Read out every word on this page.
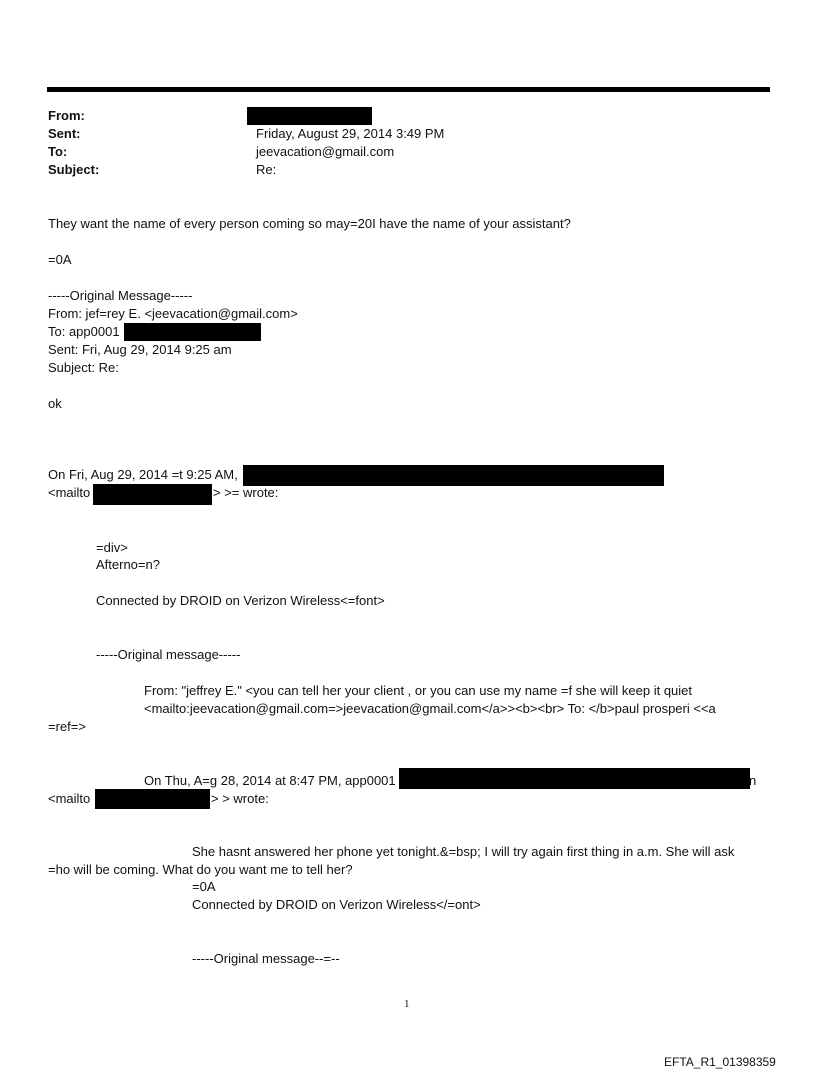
From:
Sent:	Friday, August 29, 2014 3:49 PM
To:	jeevacation@gmail.com
Subject:	Re:
They want the name of every person coming so may=20I have the name of your assistant?
=0A
-----Original Message-----
From: jef=rey E. <jeevacation@gmail.com>
To: app0001
Sent: Fri, Aug 29, 2014 9:25 am
Subject: Re:
ok
On Fri, Aug 29, 2014 =t 9:25 AM,
<mailto	> >= wrote:
=div>
Afterno=n?
Connected by DROID on Verizon Wireless<=font>
-----Original message-----
From: "jeffrey E." <you can tell her your client , or you can use my name =f she will keep it quiet
<mailto:jeevacation@gmail.com=>jeevacation@gmail.com</a>><b><br> To: </b>paul prosperi <<a
=ref=>
On Thu, A=g 28, 2014 at 8:47 PM, app0001	n
<mailto	> > wrote:
She hasnt answered her phone yet tonight.&=bsp; I will try again first thing in a.m. She will ask
=ho will be coming. What do you want me to tell her?
=0A
Connected by DROID on Verizon Wireless</=ont>
-----Original message--=--
1
EFTA_R1_01398359
